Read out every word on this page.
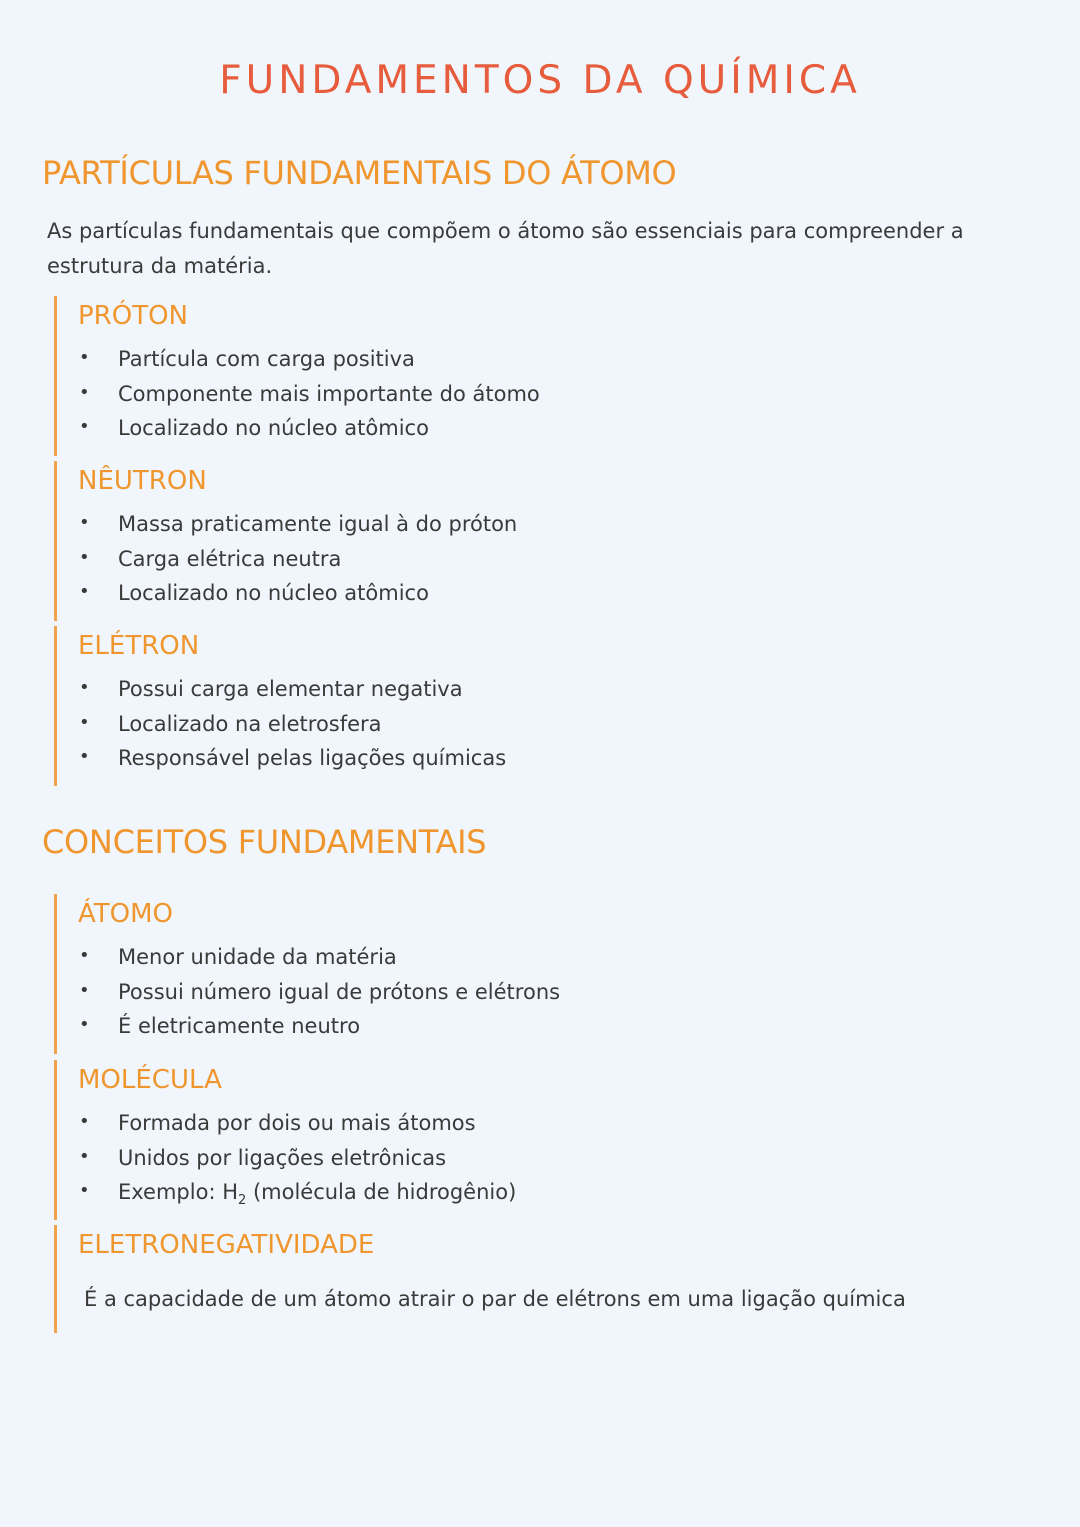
FUNDAMENTOS DA QUÍMICA
PARTÍCULAS FUNDAMENTAIS DO ÁTOMO

As partículas fundamentais que compõem o átomo são essenciais para compreender a estrutura da matéria.

PRÓTON
• Partícula com carga positiva
• Componente mais importante do átomo
• Localizado no núcleo atômico
NÊUTRON
• Massa praticamente igual à do próton
• Carga elétrica neutra
• Localizado no núcleo atômico
ELÉTRON
• Possui carga elementar negativa
• Localizado na eletrosfera
• Responsável pelas ligações químicas
CONCEITOS FUNDAMENTAIS
ÁTOMO
• Menor unidade da matéria
• Possui número igual de prótons e elétrons
• É eletricamente neutro
MOLÉCULA
• Formada por dois ou mais átomos
• Unidos por ligações eletrônicas
• Exemplo: $H_2$ (molécula de hidrogênio)
ELETRONEGATIVIDADE
É a capacidade de um átomo atrair o par de elétrons em uma ligação química
